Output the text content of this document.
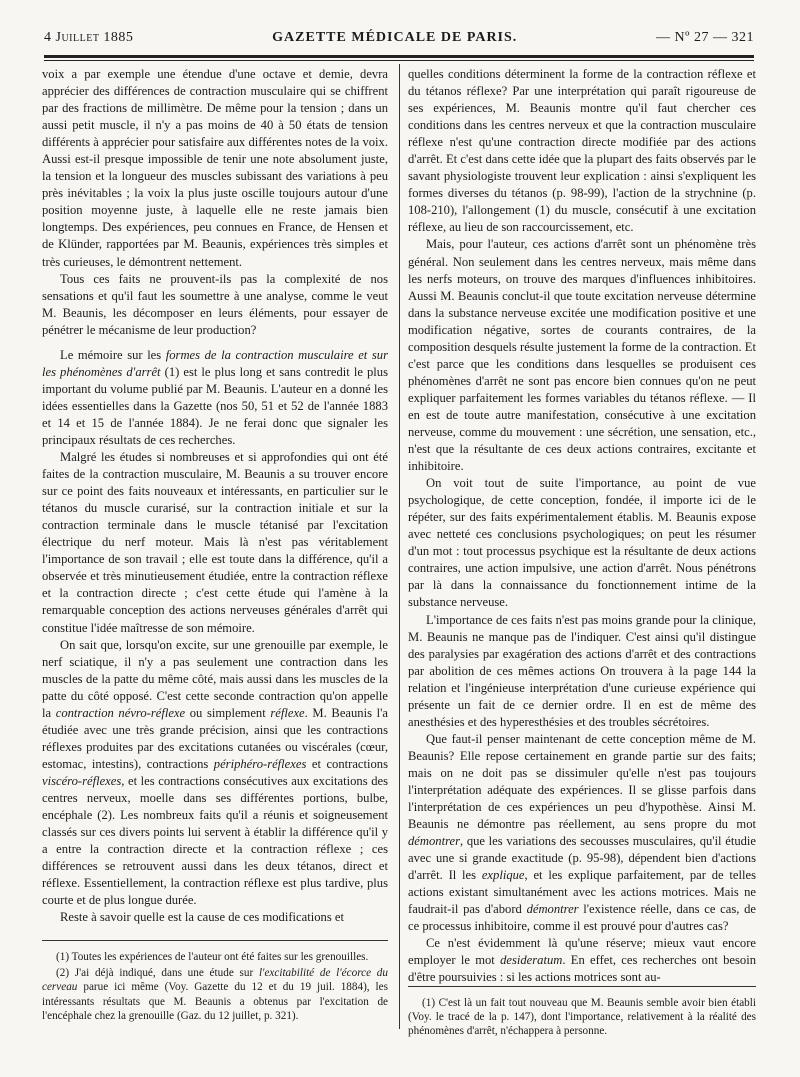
4 Juillet 1885	GAZETTE MÉDICALE DE PARIS.	— Nº 27 — 321

voix a par exemple une étendue d'une octave et demie, devra apprécier des différences de contraction musculaire qui se chiffrent par des fractions de millimètre. De même pour la tension ; dans un aussi petit muscle, il n'y a pas moins de 40 à 50 états de tension différents à apprécier pour satisfaire aux différentes notes de la voix. Aussi est-il presque impossible de tenir une note absolument juste, la tension et la longueur des muscles subissant des variations à peu près inévitables ; la voix la plus juste oscille toujours autour d'une position moyenne juste, à laquelle elle ne reste jamais bien longtemps. Des expériences, peu connues en France, de Hensen et de Klünder, rapportées par M. Beaunis, expériences très simples et très curieuses, le démontrent nettement.

Tous ces faits ne prouvent-ils pas la complexité de nos sensations et qu'il faut les soumettre à une analyse, comme le veut M. Beaunis, les décomposer en leurs éléments, pour essayer de pénétrer le mécanisme de leur production?

Le mémoire sur les formes de la contraction musculaire et sur les phénomènes d'arrêt (1) est le plus long et sans contredit le plus important du volume publié par M. Beaunis. L'auteur en a donné les idées essentielles dans la Gazette (nos 50, 51 et 52 de l'année 1883 et 14 et 15 de l'année 1884). Je ne ferai donc que signaler les principaux résultats de ces recherches.

Malgré les études si nombreuses et si approfondies qui ont été faites de la contraction musculaire, M. Beaunis a su trouver encore sur ce point des faits nouveaux et intéressants, en particulier sur le tétanos du muscle curarisé, sur la contraction initiale et sur la contraction terminale dans le muscle tétanisé par l'excitation électrique du nerf moteur. Mais là n'est pas véritablement l'importance de son travail ; elle est toute dans la différence, qu'il a observée et très minutieusement étudiée, entre la contraction réflexe et la contraction directe ; c'est cette étude qui l'amène à la remarquable conception des actions nerveuses générales d'arrêt qui constitue l'idée maîtresse de son mémoire.

On sait que, lorsqu'on excite, sur une grenouille par exemple, le nerf sciatique, il n'y a pas seulement une contraction dans les muscles de la patte du même côté, mais aussi dans les muscles de la patte du côté opposé. C'est cette seconde contraction qu'on appelle la contraction névro-réflexe ou simplement réflexe. M. Beaunis l'a étudiée avec une très grande précision, ainsi que les contractions réflexes produites par des excitations cutanées ou viscérales (cœur, estomac, intestins), contractions périphéro-réflexes et contractions viscéro-réflexes, et les contractions consécutives aux excitations des centres nerveux, moelle dans ses différentes portions, bulbe, encéphale (2). Les nombreux faits qu'il a réunis et soigneusement classés sur ces divers points lui servent à établir la différence qu'il y a entre la contraction directe et la contraction réflexe ; ces différences se retrouvent aussi dans les deux tétanos, direct et réflexe. Essentiellement, la contraction réflexe est plus tardive, plus courte et de plus longue durée.

Reste à savoir quelle est la cause de ces modifications et

(1) Toutes les expériences de l'auteur ont été faites sur les grenouilles.

(2) J'ai déjà indiqué, dans une étude sur l'excitabilité de l'écorce du cerveau parue ici même (Voy. Gazette du 12 et du 19 juil. 1884), les intéressants résultats que M. Beaunis a obtenus par l'excitation de l'encéphale chez la grenouille (Gaz. du 12 juillet, p. 321).

quelles conditions déterminent la forme de la contraction réflexe et du tétanos réflexe? Par une interprétation qui paraît rigoureuse de ses expériences, M. Beaunis montre qu'il faut chercher ces conditions dans les centres nerveux et que la contraction musculaire réflexe n'est qu'une contraction directe modifiée par des actions d'arrêt. Et c'est dans cette idée que la plupart des faits observés par le savant physiologiste trouvent leur explication : ainsi s'expliquent les formes diverses du tétanos (p. 98-99), l'action de la strychnine (p. 108-210), l'allongement (1) du muscle, consécutif à une excitation réflexe, au lieu de son raccourcissement, etc.

Mais, pour l'auteur, ces actions d'arrêt sont un phénomène très général. Non seulement dans les centres nerveux, mais même dans les nerfs moteurs, on trouve des marques d'influences inhibitoires. Aussi M. Beaunis conclut-il que toute excitation nerveuse détermine dans la substance nerveuse excitée une modification positive et une modification négative, sortes de courants contraires, de la composition desquels résulte justement la forme de la contraction. Et c'est parce que les conditions dans lesquelles se produisent ces phénomènes d'arrêt ne sont pas encore bien connues qu'on ne peut expliquer parfaitement les formes variables du tétanos réflexe. — Il en est de toute autre manifestation, consécutive à une excitation nerveuse, comme du mouvement : une sécrétion, une sensation, etc., n'est que la résultante de ces deux actions contraires, excitante et inhibitoire.

On voit tout de suite l'importance, au point de vue psychologique, de cette conception, fondée, il importe ici de le répéter, sur des faits expérimentalement établis. M. Beaunis expose avec netteté ces conclusions psychologiques; on peut les résumer d'un mot : tout processus psychique est la résultante de deux actions contraires, une action impulsive, une action d'arrêt. Nous pénétrons par là dans la connaissance du fonctionnement intime de la substance nerveuse.

L'importance de ces faits n'est pas moins grande pour la clinique, M. Beaunis ne manque pas de l'indiquer. C'est ainsi qu'il distingue des paralysies par exagération des actions d'arrêt et des contractions par abolition de ces mêmes actions On trouvera à la page 144 la relation et l'ingénieuse interprétation d'une curieuse expérience qui présente un fait de ce dernier ordre. Il en est de même des anesthésies et des hyperesthésies et des troubles sécrétoires.

Que faut-il penser maintenant de cette conception même de M. Beaunis? Elle repose certainement en grande partie sur des faits; mais on ne doit pas se dissimuler qu'elle n'est pas toujours l'interprétation adéquate des expériences. Il se glisse parfois dans l'interprétation de ces expériences un peu d'hypothèse. Ainsi M. Beaunis ne démontre pas réellement, au sens propre du mot démontrer, que les variations des secousses musculaires, qu'il étudie avec une si grande exactitude (p. 95-98), dépendent bien d'actions d'arrêt. Il les explique, et les explique parfaitement, par de telles actions existant simultanément avec les actions motrices. Mais ne faudrait-il pas d'abord démontrer l'existence réelle, dans ce cas, de ce processus inhibitoire, comme il est prouvé pour d'autres cas?

Ce n'est évidemment là qu'une réserve; mieux vaut encore employer le mot desideratum. En effet, ces recherches ont besoin d'être poursuivies : si les actions motrices sont au-

(1) C'est là un fait tout nouveau que M. Beaunis semble avoir bien établi (Voy. le tracé de la p. 147), dont l'importance, relativement à la réalité des phénomènes d'arrêt, n'échappera à personne.
